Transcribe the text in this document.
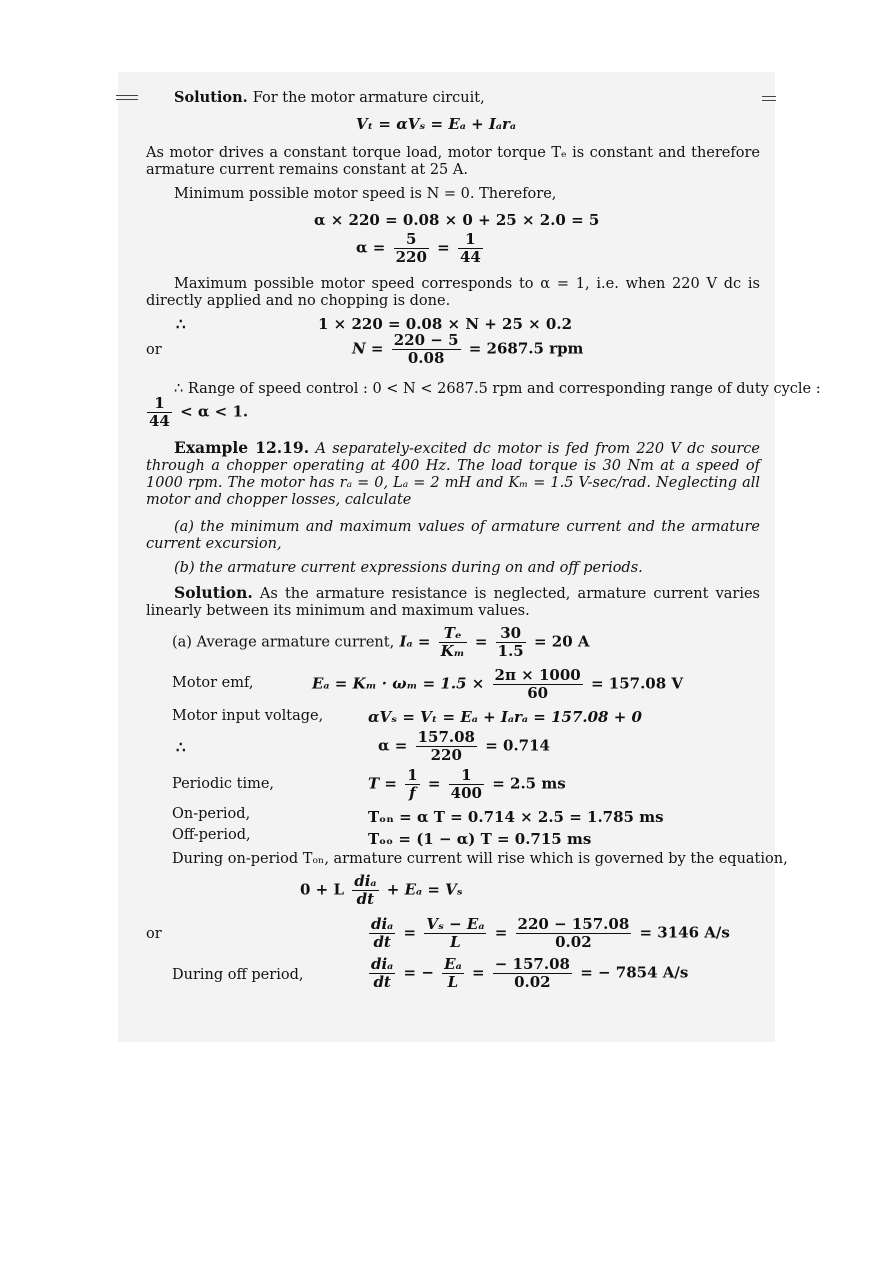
Solution. For the motor armature circuit,
Vₜ = αVₛ = Eₐ + Iₐrₐ
As motor drives a constant torque load, motor torque Tₑ is constant and therefore armature current remains constant at 25 A.
Minimum possible motor speed is N = 0. Therefore,
α × 220 = 0.08 × 0 + 25 × 2.0 = 5
$\alpha = \frac{5}{220} = \frac{1}{44}$
Maximum possible motor speed corresponds to α = 1, i.e. when 220 V dc is directly applied and no chopping is done.
∴	1 × 220 = 0.08 × N + 25 × 0.2
or	$N = \frac{220 - 5}{0.08} = 2687.5$ rpm
∴ Range of speed control : 0 < N < 2687.5 rpm and corresponding range of duty cycle :
$\frac{1}{44} < \alpha < 1$.
Example 12.19. A separately-excited dc motor is fed from 220 V dc source through a chopper operating at 400 Hz. The load torque is 30 Nm at a speed of 1000 rpm. The motor has rₐ = 0, Lₐ = 2 mH and Kₘ = 1.5 V-sec/rad. Neglecting all motor and chopper losses, calculate
(a) the minimum and maximum values of armature current and the armature current excursion,
(b) the armature current expressions during on and off periods.
Solution. As the armature resistance is neglected, armature current varies linearly between its minimum and maximum values.
(a) Average armature current, $I_a = \frac{\text{Tₑ}}{\text{Kₘ}} = \frac{30}{1.5} = 20$ A
Motor emf,	$E_a = K_m \cdot \omega_m = 1.5 \times \frac{2\pi \times 1000}{60} = 157.08$ V
Motor input voltage,	αVₛ = Vₜ = Eₐ + Iₐrₐ = 157.08 + 0
∴	$\alpha = \frac{157.08}{220} = 0.714$
Periodic time,	$T = \frac{1}{f} = \frac{1}{400} = 2.5$ ms
On-period,	Tₒₙ = α T = 0.714 × 2.5 = 1.785 ms
Off-period,	Tₒₒ = (1 − α) T = 0.715 ms
During on-period Tₒₙ, armature current will rise which is governed by the equation,
0 + L $\frac{\text{diₐ}}{dt} + E_a = V_s$
or	$\frac{\text{diₐ}}{dt} = \frac{\text{Vₛ − Eₐ}}{L} = \frac{220 - 157.08}{0.02} = 3146$ A/s
During off period,	$\frac{\text{diₐ}}{dt}$ = − $\frac{\text{Eₐ}}{L} = \frac{- 157.08}{0.02}$ = − 7854 A/s
